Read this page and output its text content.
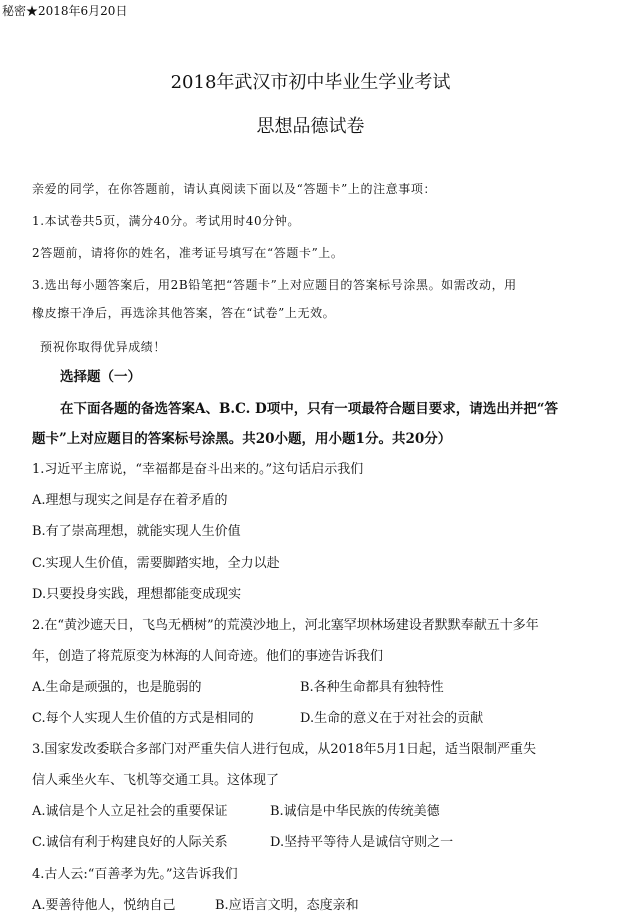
秘密★2018年6月20日
2018年武汉市初中毕业生学业考试
思想品德试卷
亲爱的同学，在你答题前，请认真阅读下面以及“答题卡”上的注意事项：
1.本试卷共5页，满分40分。考试用时40分钟。
2答题前，请将你的姓名，准考证号填写在“答题卡”上。
3.选出每小题答案后，用2B铅笔把“答题卡”上对应题目的答案标号涂黑。如需改动，用
橡皮擦干净后，再选涂其他答案，答在“试卷”上无效。
预祝你取得优异成绩！
选择题（一）
在下面各题的备选答案A、B.C. D项中，只有一项最符合题目要求，请选出并把“答
题卡”上对应题目的答案标号涂黑。共20小题，用小题1分。共20分）
1.习近平主席说，“幸福都是奋斗出来的。”这句话启示我们
A.理想与现实之间是存在着矛盾的
B.有了崇高理想，就能实现人生价值
C.实现人生价值，需要脚踏实地，全力以赴
D.只要投身实践，理想都能变成现实
2.在“黄沙遮天日，飞鸟无栖树”的荒漠沙地上，河北塞罕坝林场建设者默默奉献五十多年
年，创造了将荒原变为林海的人间奇迹。他们的事迹告诉我们
A.生命是顽强的，也是脆弱的	B.各种生命都具有独特性
C.每个人实现人生价值的方式是相同的	D.生命的意义在于对社会的贡献
3.国家发改委联合多部门对严重失信人进行包成，从2018年5月1日起，适当限制严重失
信人乘坐火车、飞机等交通工具。这体现了
A.诚信是个人立足社会的重要保证	B.诚信是中华民族的传统美德
C.诚信有利于构建良好的人际关系	D.坚持平等待人是诚信守则之一
4.古人云:“百善孝为先。”这告诉我们
A.要善待他人，悦纳自己	B.应语言文明，态度亲和
